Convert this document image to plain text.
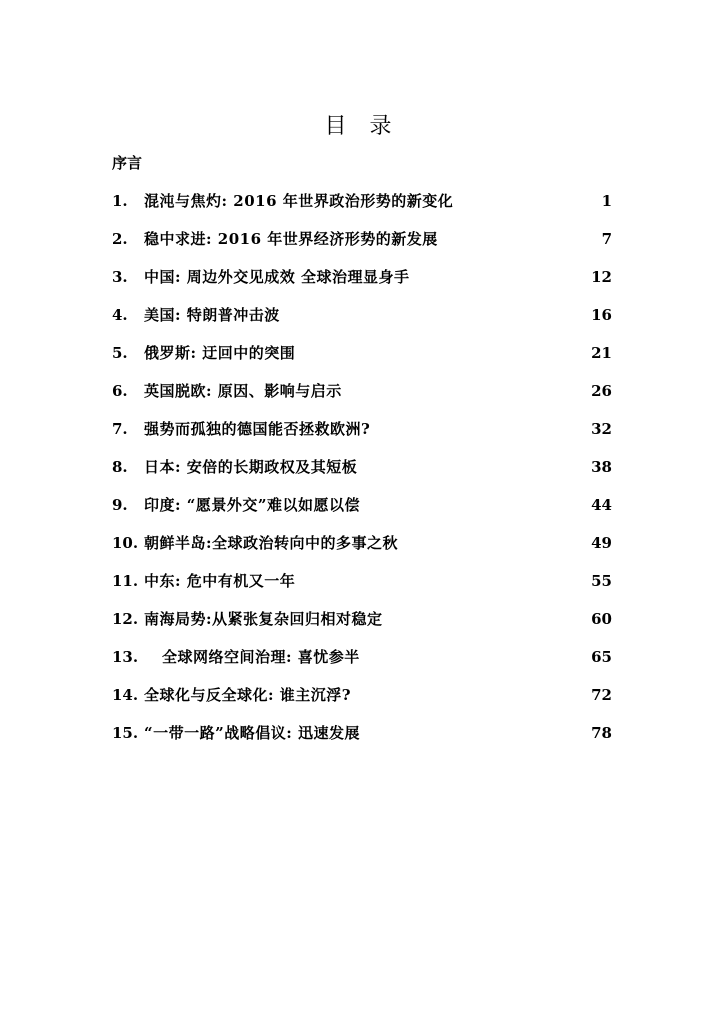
目 录
序言
1.	混沌与焦灼: 2016 年世界政治形势的新变化	1
2.	稳中求进: 2016 年世界经济形势的新发展	7
3.	中国: 周边外交见成效 全球治理显身手	12
4.	美国: 特朗普冲击波	16
5.	俄罗斯: 迂回中的突围	21
6.	英国脱欧: 原因、影响与启示	26
7.	强势而孤独的德国能否拯救欧洲?	32
8.	日本: 安倍的长期政权及其短板	38
9.	印度: “愿景外交”难以如愿以偿	44
10. 朝鲜半岛:全球政治转向中的多事之秋	49
11. 中东: 危中有机又一年	55
12. 南海局势:从紧张复杂回归相对稳定	60
13.	全球网络空间治理: 喜忧参半	65
14. 全球化与反全球化: 谁主沉浮?	72
15. “一带一路”战略倡议: 迅速发展	78
